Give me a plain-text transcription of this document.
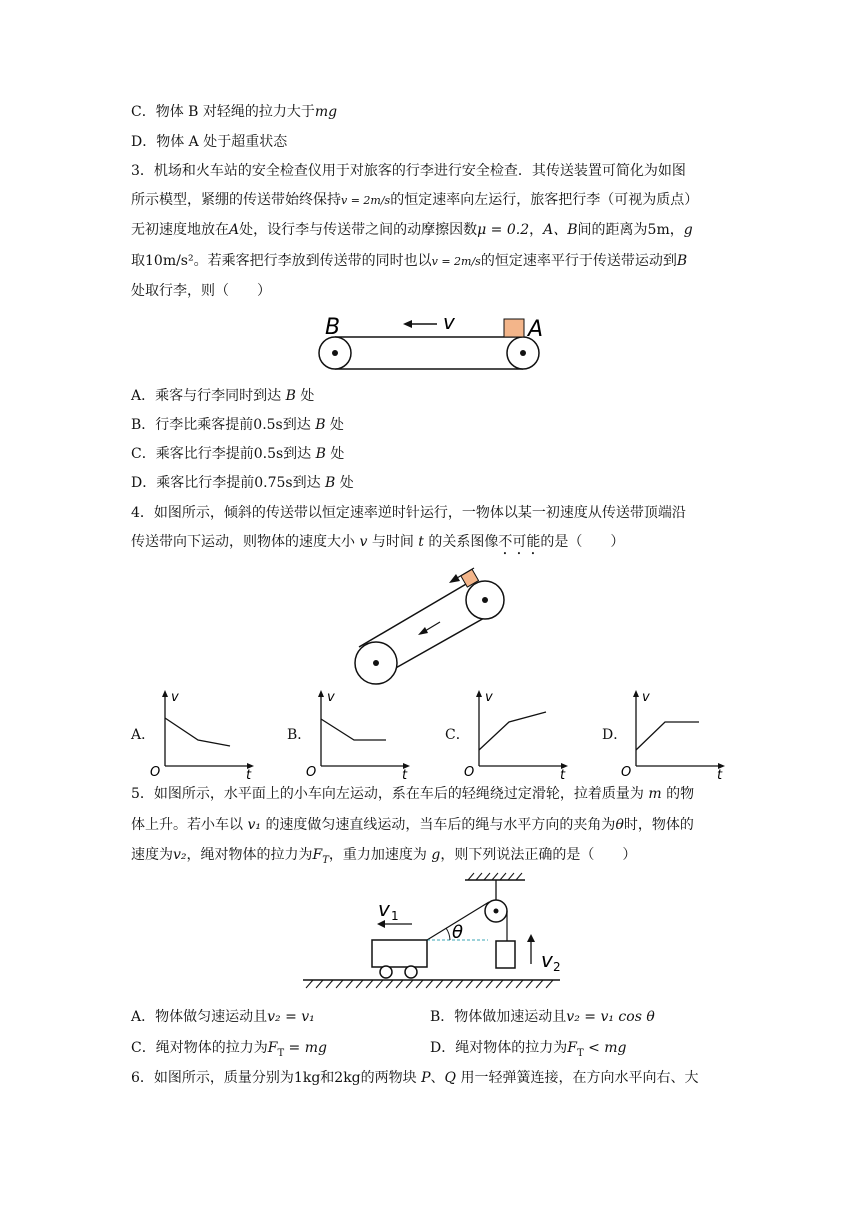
C．物体 B 对轻绳的拉力大于mg
D．物体 A 处于超重状态
3．机场和火车站的安全检查仪用于对旅客的行李进行安全检查．其传送装置可简化为如图
所示模型，紧绷的传送带始终保持v = 2m/s的恒定速率向左运行，旅客把行李（可视为质点）
无初速度地放在A处，设行李与传送带之间的动摩擦因数μ = 0.2，A、B间的距离为5m，g
取10m/s²。若乘客把行李放到传送带的同时也以v = 2m/s的恒定速率平行于传送带运动到B
处取行李，则（　　）
B	A
v
A．乘客与行李同时到达 B 处
B．行李比乘客提前0.5s到达 B 处
C．乘客比行李提前0.5s到达 B 处
D．乘客比行李提前0.75s到达 B 处
4．如图所示，倾斜的传送带以恒定速率逆时针运行，一物体以某一初速度从传送带顶端沿
传送带向下运动，则物体的速度大小 v 与时间 t 的关系图像不可能的是（　　）
A．
v
t
O
B．
v
t
O
C．
v
t
O
D．
v
t
O
5．如图所示，水平面上的小车向左运动，系在车后的轻绳绕过定滑轮，拉着质量为 m 的物
体上升。若小车以 v₁ 的速度做匀速直线运动，当车后的绳与水平方向的夹角为θ时，物体的
速度为v₂，绳对物体的拉力为$F_T$，重力加速度为 g，则下列说法正确的是（　　）
θ
v 1
v 2
A．物体做匀速运动且v₂ = v₁	B．物体做加速运动且v₂ = v₁ cos θ
C．绳对物体的拉力为$F_T$ = mg	D．绳对物体的拉力为$F_T$ < mg
6．如图所示，质量分别为1kg和2kg的两物块 P、Q 用一轻弹簧连接，在方向水平向右、大
